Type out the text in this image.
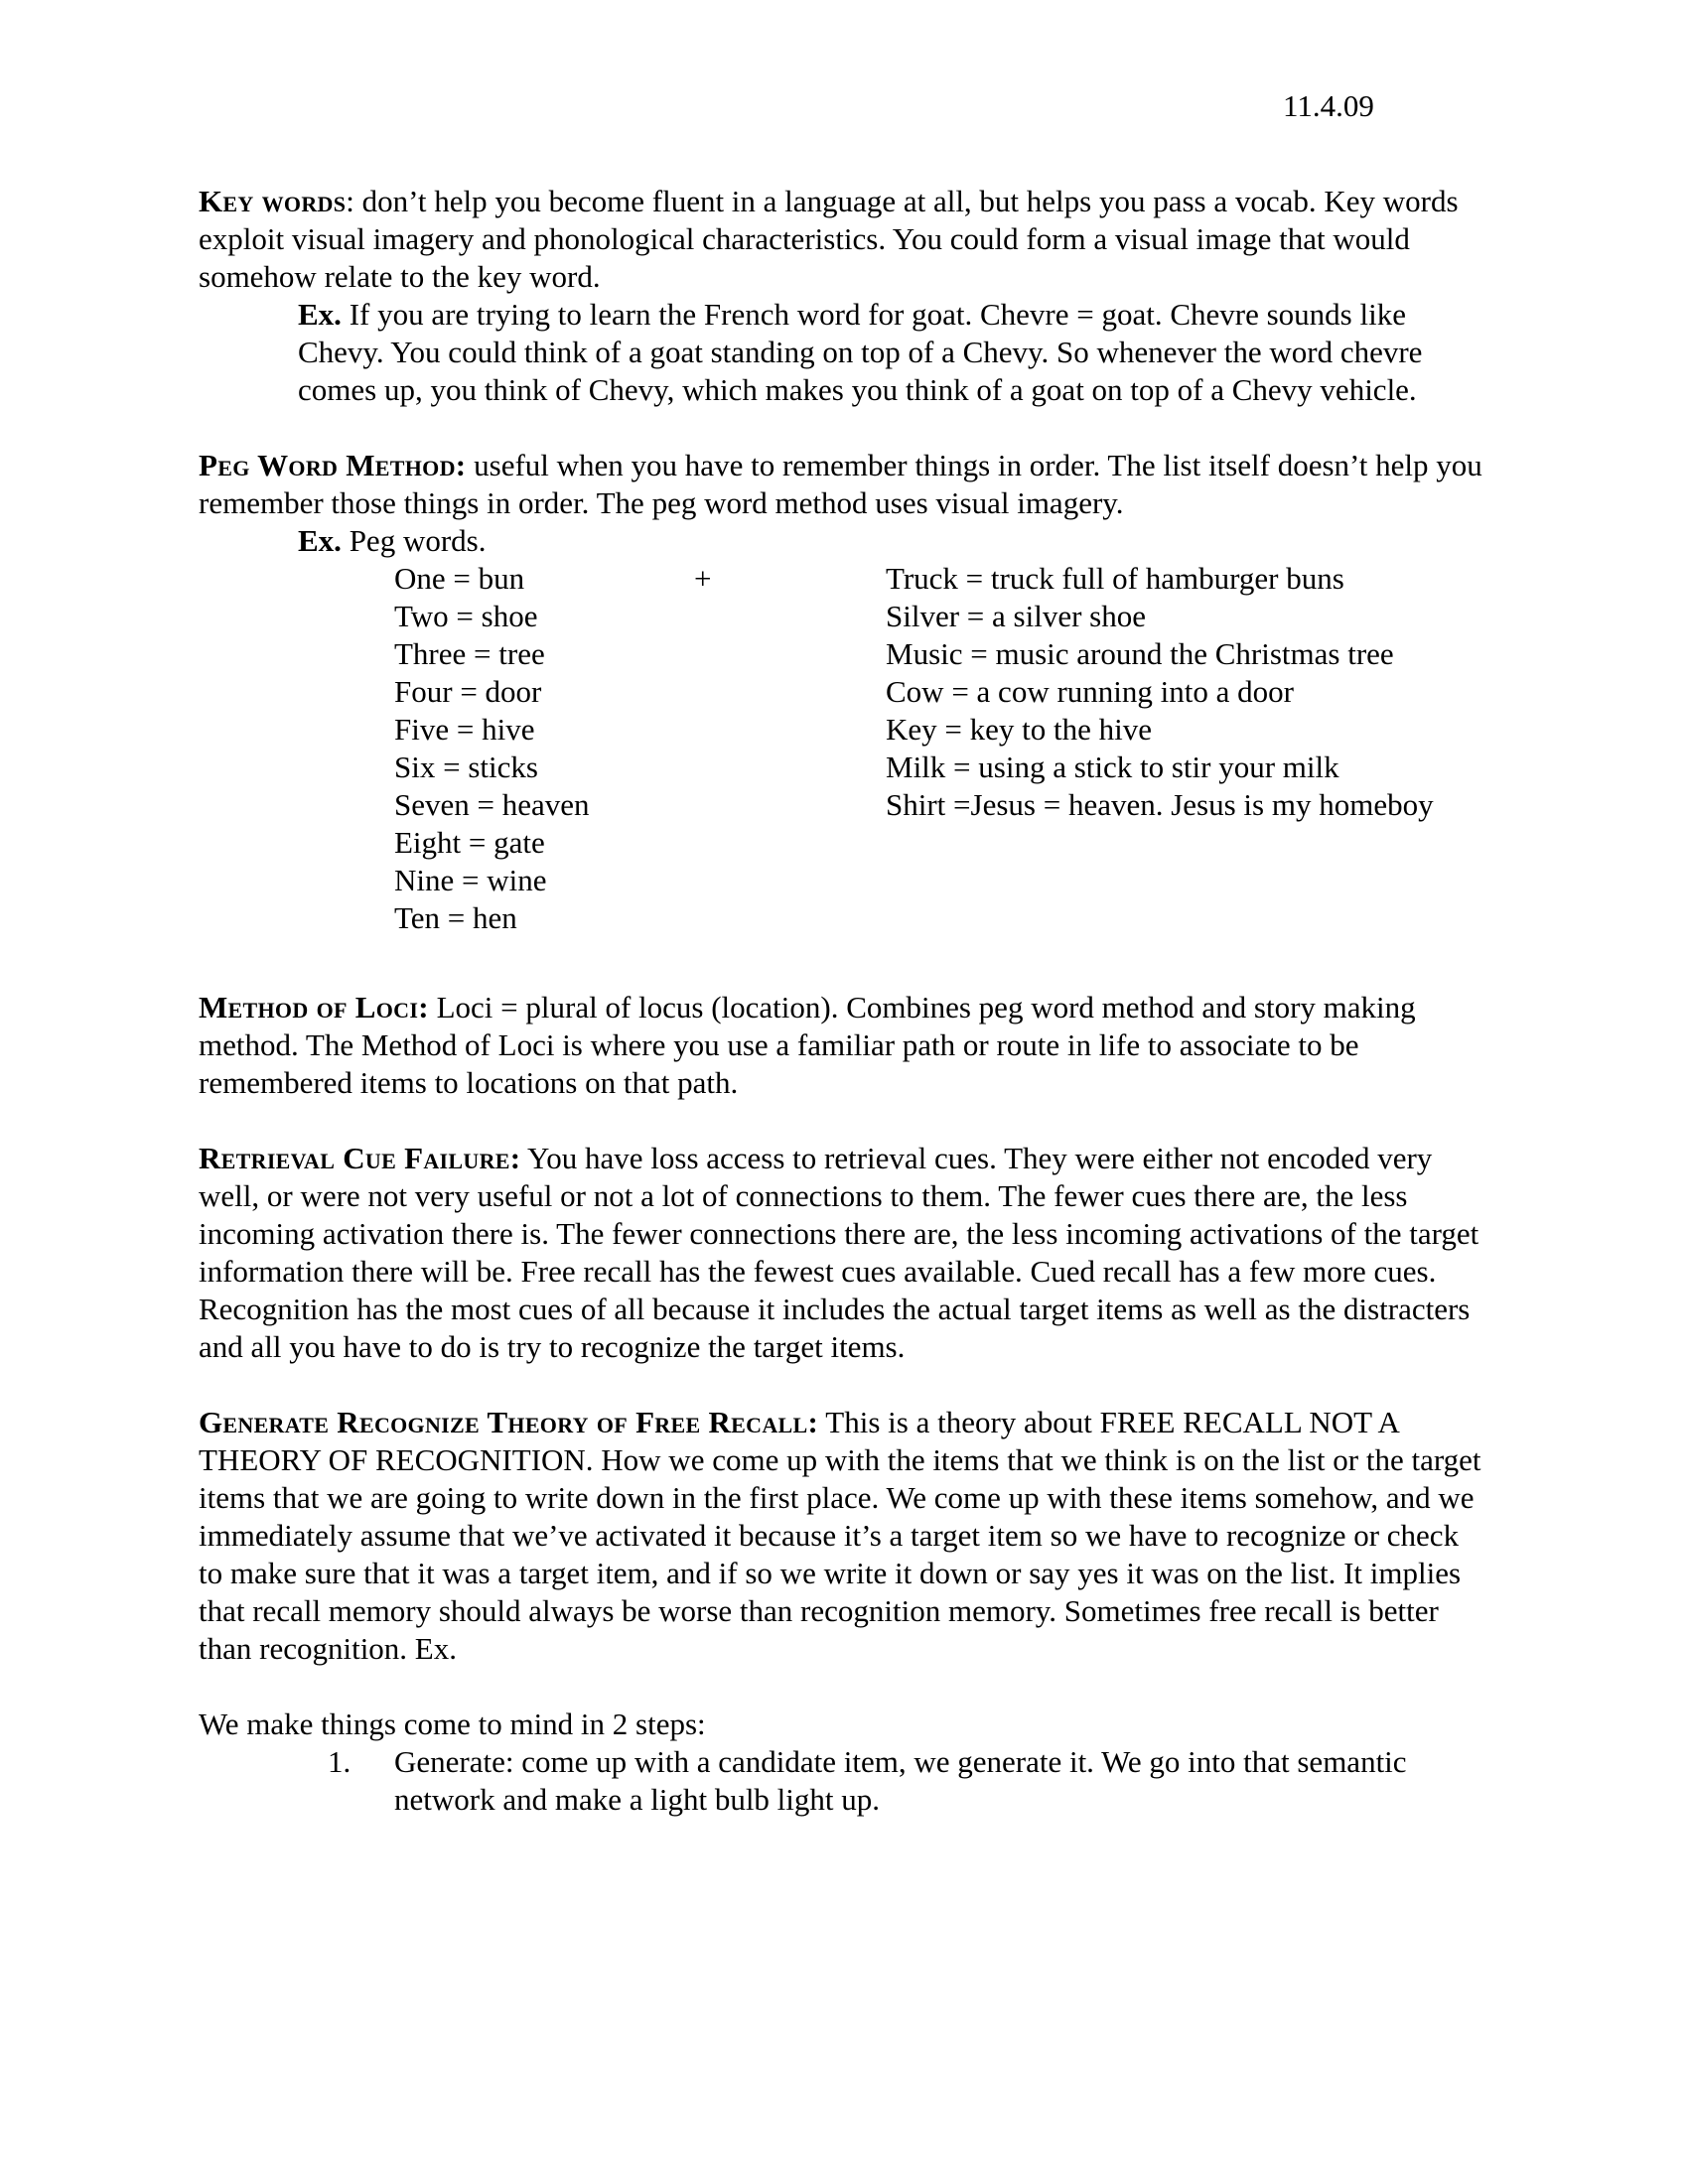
11.4.09

Key words: don’t help you become fluent in a language at all, but helps you pass a vocab. Key words exploit visual imagery and phonological characteristics. You could form a visual image that would somehow relate to the key word.

Ex. If you are trying to learn the French word for goat. Chevre = goat. Chevre sounds like Chevy. You could think of a goat standing on top of a Chevy. So whenever the word chevre comes up, you think of Chevy, which makes you think of a goat on top of a Chevy vehicle.

Peg Word Method: useful when you have to remember things in order. The list itself doesn’t help you remember those things in order. The peg word method uses visual imagery.

Ex. Peg words.

One = bun	+	Truck = truck full of hamburger buns
Two = shoe	Silver = a silver shoe
Three = tree	Music = music around the Christmas tree
Four = door	Cow = a cow running into a door
Five = hive	Key = key to the hive
Six = sticks	Milk = using a stick to stir your milk
Seven = heaven	Shirt =Jesus = heaven. Jesus is my homeboy
Eight = gate
Nine = wine
Ten = hen

Method of Loci: Loci = plural of locus (location). Combines peg word method and story making method. The Method of Loci is where you use a familiar path or route in life to associate to be remembered items to locations on that path.

Retrieval Cue Failure: You have loss access to retrieval cues. They were either not encoded very well, or were not very useful or not a lot of connections to them. The fewer cues there are, the less incoming activation there is. The fewer connections there are, the less incoming activations of the target information there will be. Free recall has the fewest cues available. Cued recall has a few more cues. Recognition has the most cues of all because it includes the actual target items as well as the distracters and all you have to do is try to recognize the target items.

Generate Recognize Theory of Free Recall: This is a theory about FREE RECALL NOT A THEORY OF RECOGNITION. How we come up with the items that we think is on the list or the target items that we are going to write down in the first place. We come up with these items somehow, and we immediately assume that we’ve activated it because it’s a target item so we have to recognize or check to make sure that it was a target item, and if so we write it down or say yes it was on the list. It implies that recall memory should always be worse than recognition memory. Sometimes free recall is better than recognition. Ex.

We make things come to mind in 2 steps:

1.	Generate: come up with a candidate item, we generate it. We go into that semantic network and make a light bulb light up.
